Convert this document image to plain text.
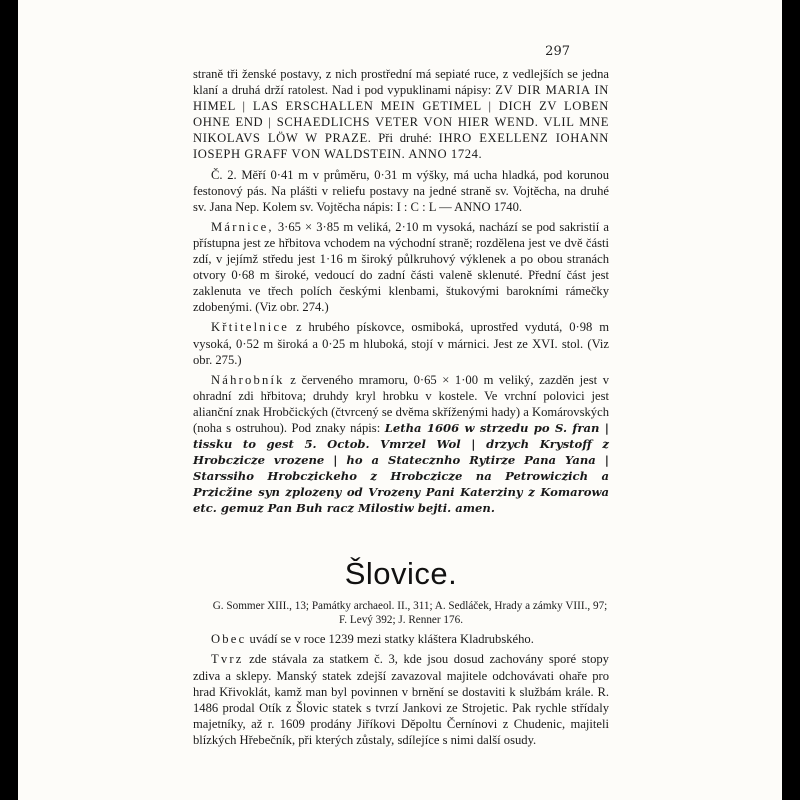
297

straně tři ženské postavy, z nich prostřední má sepiaté ruce, z vedlejších se jedna klaní a druhá drží ratolest. Nad i pod vypuklinami nápisy: ZV DIR MARIA IN HIMEL | LAS ERSCHALLEN MEIN GETIMEL | DICH ZV LOBEN OHNE END | SCHAEDLICHS VETER VON HIER WEND. VLIL MNE NIKOLAVS LÖW W PRAZE. Při druhé: IHRO EXELLENZ IOHANN IOSEPH GRAFF VON WALDSTEIN. ANNO 1724.

Č. 2. Měří 0·41 m v průměru, 0·31 m výšky, má ucha hladká, pod korunou festonový pás. Na plášti v reliefu postavy na jedné straně sv. Vojtěcha, na druhé sv. Jana Nep. Kolem sv. Vojtěcha nápis: I : C : L — ANNO 1740.

Márnice, 3·65 × 3·85 m veliká, 2·10 m vysoká, nachází se pod sakristií a přístupna jest ze hřbitova vchodem na východní straně; rozdělena jest ve dvě části zdí, v jejímž středu jest 1·16 m široký půlkruhový výklenek a po obou stranách otvory 0·68 m široké, vedoucí do zadní části valeně sklenuté. Přední část jest zaklenuta ve třech polích českými klenbami, štukovými barokními rámečky zdobenými. (Viz obr. 274.)

Křtitelnice z hrubého pískovce, osmiboká, uprostřed vydutá, 0·98 m vysoká, 0·52 m široká a 0·25 m hluboká, stojí v márnici. Jest ze XVI. stol. (Viz obr. 275.)

Náhrobník z červeného mramoru, 0·65 × 1·00 m veliký, zazděn jest v ohradní zdi hřbitova; druhdy kryl hrobku v kostele. Ve vrchní polovici jest alianční znak Hrobčických (čtvrcený se dvěma skříženými hady) a Komárovských (noha s ostruhou). Pod znaky nápis: Letha 1606 w strzedu po S. fran | tissku to gest 5. Octob. Vmrzel Wol | drzych Krystoff z Hrobczicze vrozene | ho a Statecznho Rytirze Pana Yana | Starssiho Hrobczickeho z Hrobczicze na Petrowiczich a Przicžine syn zplozeny od Vrozeny Pani Katerziny z Komarowa etc. gemuz Pan Buh racz Milostiw bejti. amen.

Šlovice.

G. Sommer XIII., 13; Památky archaeol. II., 311; A. Sedláček, Hrady a zámky VIII., 97; F. Levý 392; J. Renner 176.

Obec uvádí se v roce 1239 mezi statky kláštera Kladrubského.

Tvrz zde stávala za statkem č. 3, kde jsou dosud zachovány sporé stopy zdiva a sklepy. Manský statek zdejší zavazoval majitele odchovávati ohaře pro hrad Křivoklát, kamž man byl povinnen v brnění se dostaviti k službám krále. R. 1486 prodal Otík z Šlovic statek s tvrzí Jankovi ze Strojetic. Pak rychle střídaly majetníky, až r. 1609 prodány Jiříkovi Děpoltu Černínovi z Chudenic, majiteli blízkých Hřebečník, při kterých zůstaly, sdílejíce s nimi další osudy.
